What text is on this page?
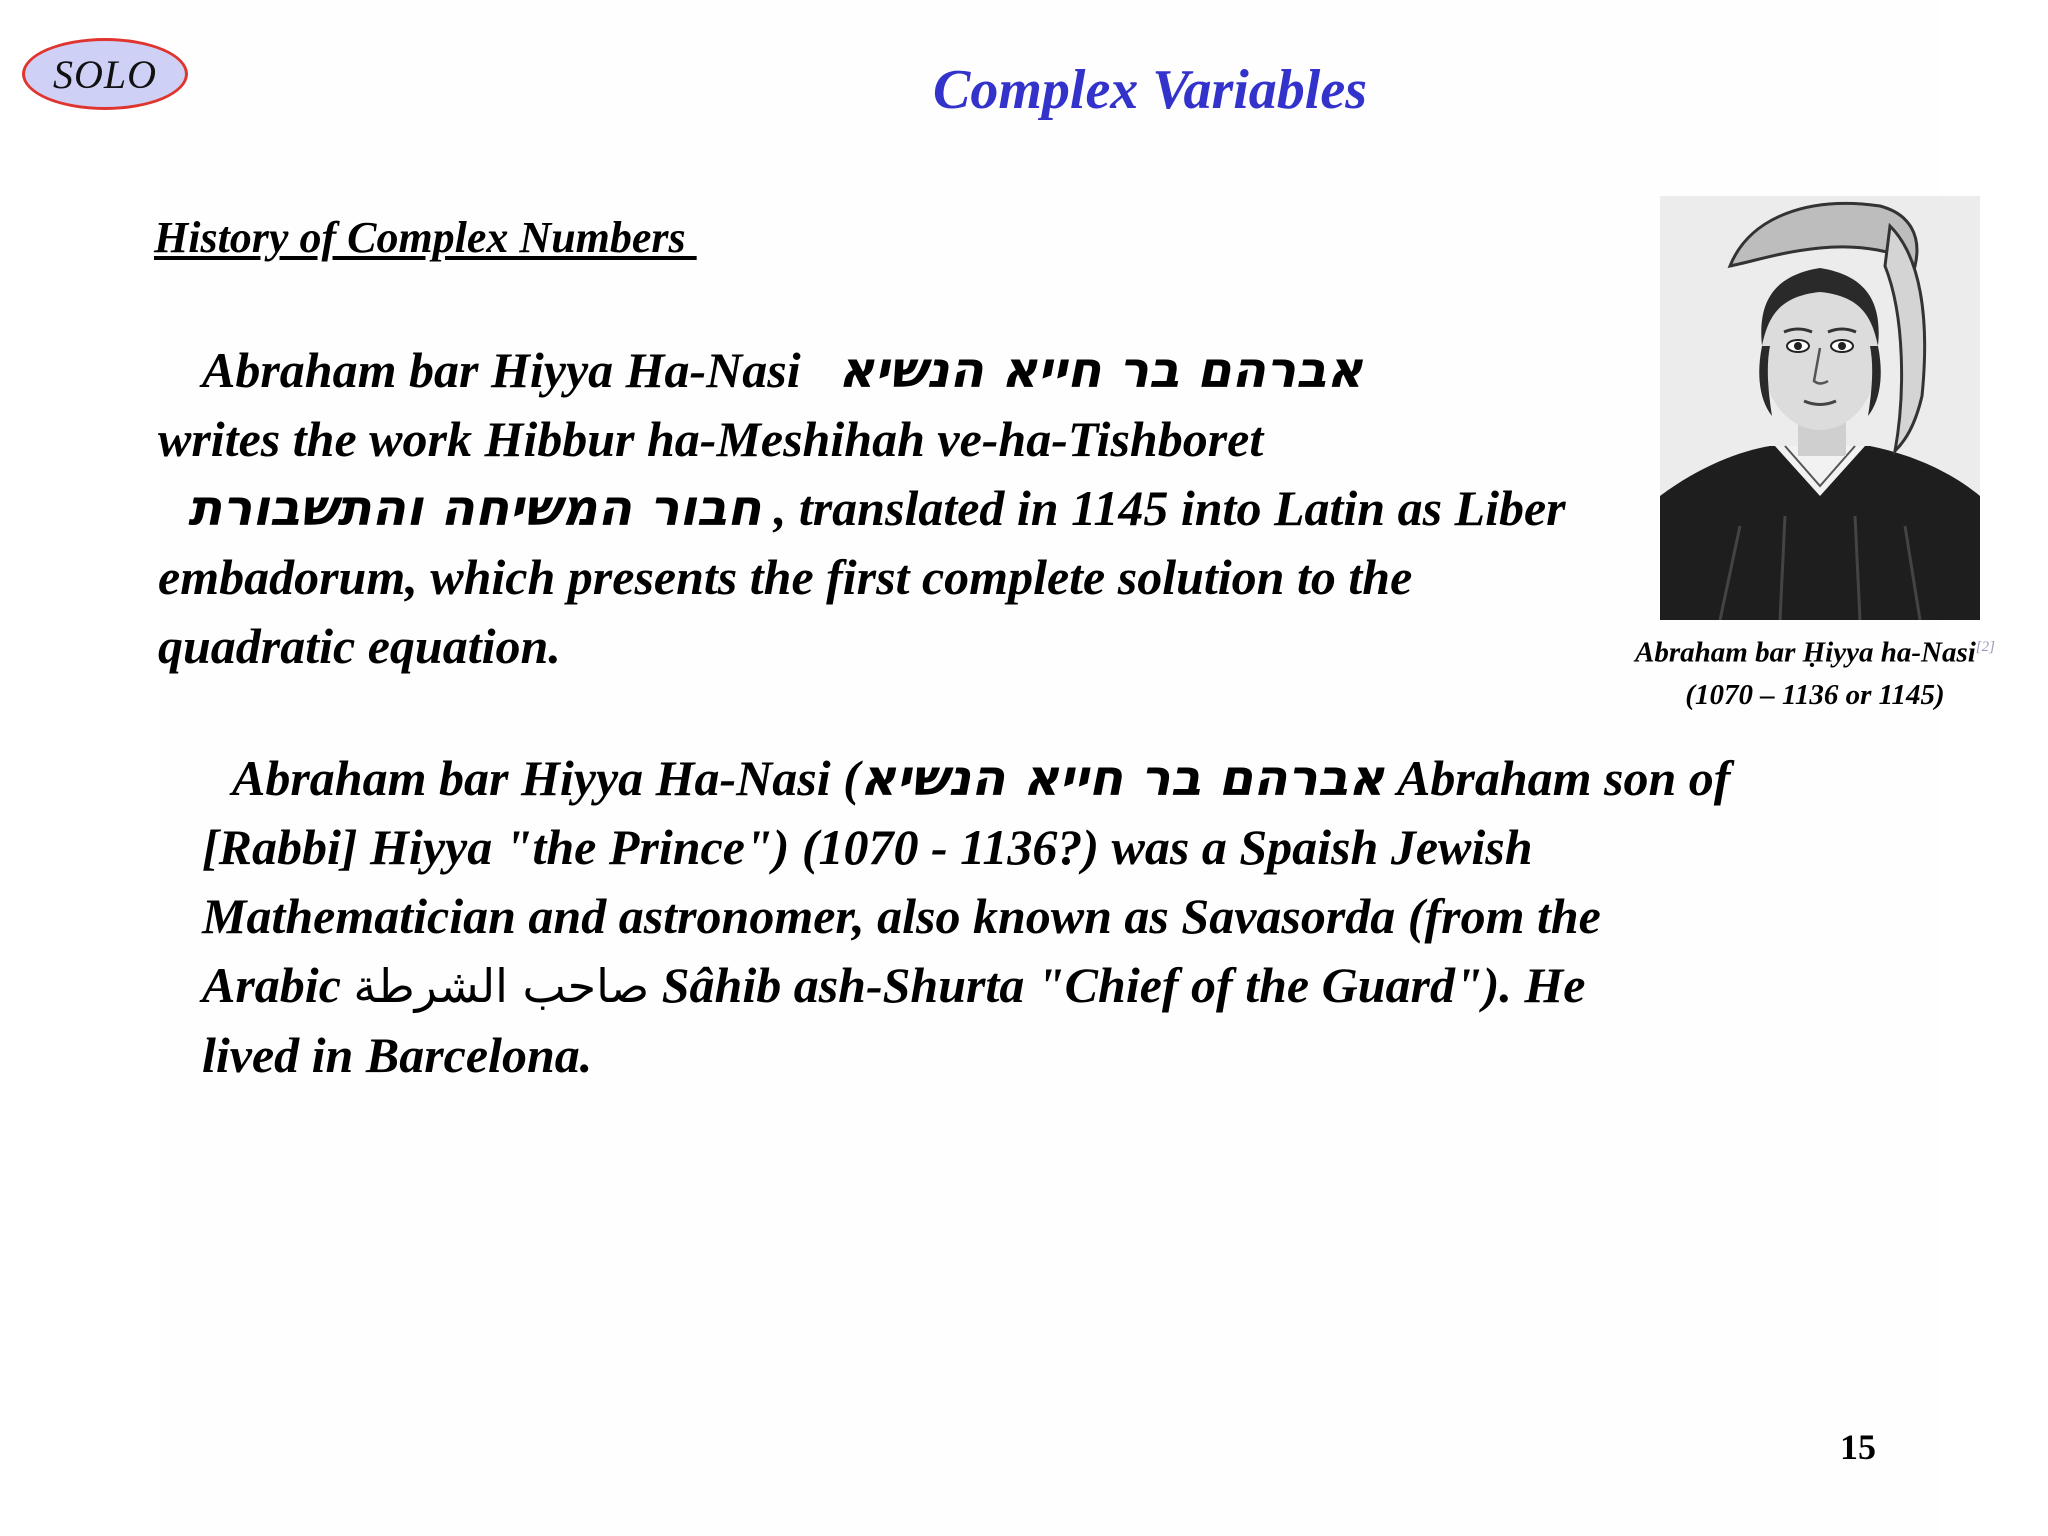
SOLO	Complex Variables
History of Complex Numbers
Abraham bar Hiyya Ha-Nasi אברהם בר חייא הנשיא
writes the work Hibbur ha-Meshihah ve-ha-Tishboret
חבור המשיחה והתשבורת , translated in 1145 into Latin as Liber
embadorum, which presents the first complete solution to the
quadratic equation.
Abraham bar Hiyya Ha-Nasi (אברהם בר חייא הנשיא Abraham son of
[Rabbi] Hiyya "the Prince") (1070 - 1136?) was a Spaish Jewish
Mathematician and astronomer, also known as Savasorda (from the
Arabic صاحب الشرطة Sâhib ash-Shurta "Chief of the Guard"). He
lived in Barcelona.
Abraham bar Ḥiyya ha-Nasi[2]
(1070 – 1136 or 1145)
15
